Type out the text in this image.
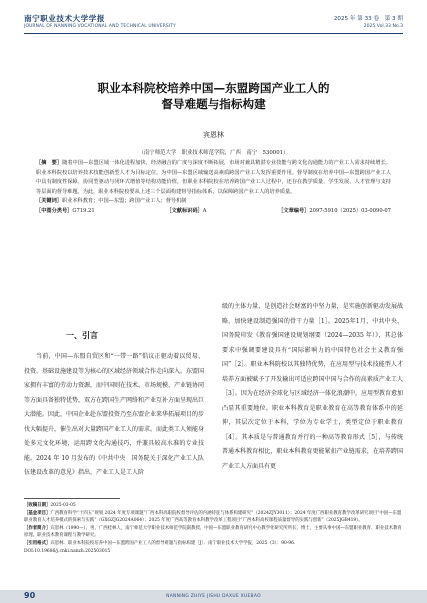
南宁职业技术大学学报
JOURNAL OF NANNING VOCATIONAL AND TECHNICAL UNIVERSITY
2025 年 第 33 卷　第 3 期
2025 Vol.33 No.3
职业本科院校培养中国—东盟跨国产业工人的
督导难题与指标构建
宾恩林
（南宁师范大学　职业技术师范学院，广西　南宁　530001）

［摘　要］随着中国—东盟区域一体化进程加快，经济融合的广度与深度不断拓展，市场对兼具精湛专业技能与跨文化沟通能力的产业工人需求持续增长。职业本科院校以培养技术技能创新型人才为目标定位，为中国—东盟区域输送高素质跨国产业工人发挥重要作用。督导制度在培养中国—东盟跨国产业工人中具有制度性保障、协同型驱动与闭环式增值等结构功能价值，但职业本科院校在培养跨国产业工人过程中，还存在教学质量、学生发展、人才管理与支持等层面的督导难题。为此，职业本科院校要从上述三个层面构建督导指标体系，以保障跨国产业工人的培养质量。

［关键词］职业本科教育；中国—东盟；跨国产业工人；督导机制

［中图分类号］G719.21	［文献标识码］A	［文章编号］2097-5910（2025）03-0090-07

一、引言

当前，中国—东盟自贸区和“一带一路”倡议正驱动着以贸易、投资、基础设施建设等为核心的区域经济领域合作走向深入。东盟国家拥有丰富的劳动力资源，而中国则在技术、市场规模、产业链协同等方面具备独特优势，双方在跨国生产网络和产业互补方面呈现出巨大潜能。因此，中国企业赴东盟投资乃至东盟企业来华拓展项目的步伐大幅提升，催生出对大量跨国产业工人的需求。而此类工人须能身处多元文化环境，运用跨文化沟通技巧，并兼具较高水准的专业技能。2024 年 10 月发布的《中共中央　国务院关于深化产业工人队伍建设改革的意见》指出，产业工人是工人阶

级的主体力量，是创造社会财富的中坚力量，是实施创新驱动发展战略、加快建设制造强国的骨干力量［1］。2025年1月，中共中央、国务院印发《教育强国建设规划纲要（2024—2035 年）》，其总体要求中强调要建设具有“国际影响力的中国特色社会主义教育强国”［2］。职业本科院校以其独特优势，在应用型与技术技能型人才培养方面被赋予了开发输出可适应跨国中国与合作的高素质产业工人［3］。因为在经济全球化与区域经济一体化浪潮中，应用型教育愈加凸显其重要地位。职业本科教育是职业教育在高等教育体系中的延伸，其层次定位于本科，学位为专业学士，类型定位于职业教育［4］。其本质是与普通教育并行的一种高等教育形式［5］，与传统普通本科教育相比，职业本科教育更能紧扣产业链需求，在培养跨国产业工人方面具有更

［收稿日期］2025-03-05

［基金项目］广西教育科学“十四五”规划 2024 年度专项课题“广西本科高职院校督导评估的内涵特征与体系构建研究”（2024ZJY3011）；2024 年度广西职业教育教学改革研究项目“中国—东盟职业教育人才培养模式的探索与实践”（GXGZJG2024A064）；2025 年度广西高等教育本科教学改革工程项目“广西本科高校课程质量督导的实践与创新”（2025JGB419）。

［作者简介］宾恩林（1990—），男，广西桂林人，南宁师范大学职业技术师范学院副教授，中国—东盟职业教育研究中心教学化研究所所长，博士，主要从事中国—东盟职业教育、职业技术教育原理、职业技术教育课程与教学研究。

［引用格式］宾恩林．职业本科院校培养中国—东盟跨国产业工人的督导难题与指标构建［J］．南宁职业技术大学学报，2025（3）：90-96．

DOI:10.19686/j.cnki.nanzh.202503015

90	NANNING ZHIYE JISHU DAXUE XUEBAO
